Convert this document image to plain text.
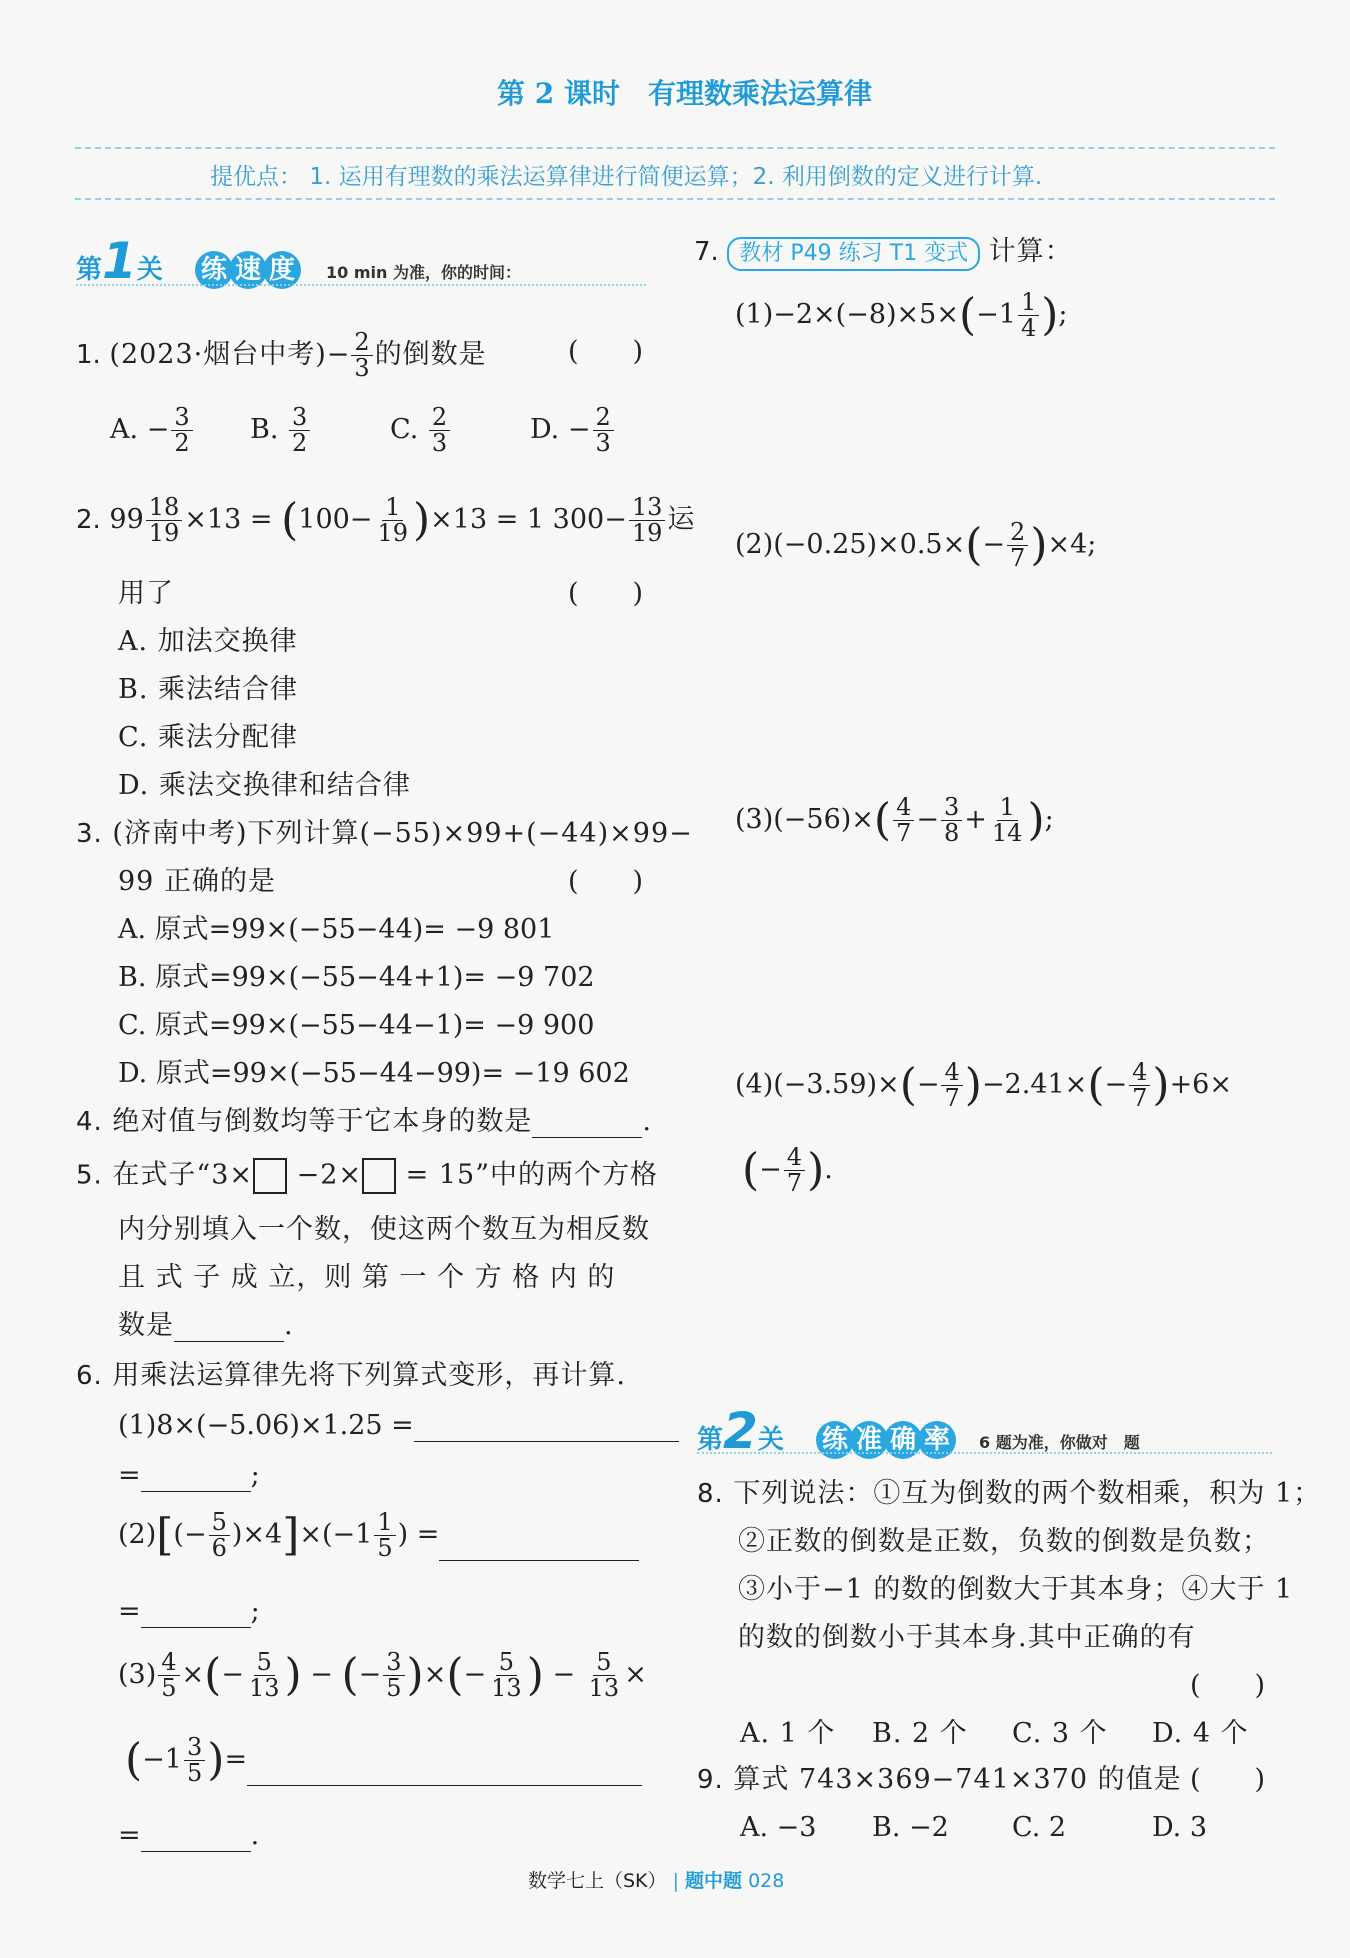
第 2 课时　有理数乘法运算律
提优点： 1. 运用有理数的乘法运算律进行简便运算；2. 利用倒数的定义进行计算.
第1关 练 速 度 10 min 为准，你的时间：
1. (2023·烟台中考)− $\frac{2}{3}$ 的倒数是	(　　)
A. − $\frac{3}{2} B$. $\frac{3}{2}$	C. $\frac{2}{3}$	D. − $\frac{2}{3}$
2. $99 \frac{18}{19} \times 13 = (100- \frac{1}{19} )\times 13 = 1$ $300- \frac{13}{19}$ 运
用了	(　　)
A. 加法交换律
B. 乘法结合律
C. 乘法分配律
D. 乘法交换律和结合律
3. (济南中考)下列计算(−55)×99+(−44)×99−
99 正确的是	(　　)
A. 原式=99×(−55−44)= −9 801
B. 原式=99×(−55−44+1)= −9 702
C. 原式=99×(−55−44−1)= −9 900
D. 原式=99×(−55−44−99)= −19 602
4. 绝对值与倒数均等于它本身的数是	.
5. 在式子“3× −2× = 15”中的两个方格
内分别填入一个数，使这两个数互为相反数
且 式 子 成 立，则 第 一 个 方 格 内 的
数是	.
6. 用乘法运算律先将下列算式变形，再计算.
(1)8×(−5.06)×1.25 =
=	;
$(2)[(- \frac{5}{6} )\times 4]\times(-1 \frac{1}{5}$ ) =
=	;
$(3) \frac{4}{5}$ ×(− $\frac{5}{13}$ ) − (− $\frac{3}{5}$ )×(− $\frac{5}{13}$ ) − $\frac{5}{13}$ ×
($-1 \frac{3}{5}$ )=
=	.
7. 教材 P49 练习 T1 变式 计算：
$(1)-2\times(-8)\times 5\times(-1 \frac{1}{4}$ );
$(2)(-0.25)\times 0.5\times(- \frac{2}{7} )\times 4$;
$(3)(-56)\times( \frac{4}{7} - \frac{3}{8} + \frac{1}{14}$ );
$(4)(-3.59)\times(- \frac{4}{7} )-2.41\times(- \frac{4}{7} )+6\times$
(− $\frac{4}{7}$ ).
第2关 练 准 确 率 6 题为准，你做对　题
8. 下列说法：①互为倒数的两个数相乘，积为 1；
②正数的倒数是正数，负数的倒数是负数；
③小于−1 的数的倒数大于其本身；④大于 1
的数的倒数小于其本身.其中正确的有
(　　)
A. 1 个 B. 2 个 C. 3 个 D. 4 个
9. 算式 743×369−741×370 的值是 (　　)
A. −3 B. −2 C. 2	D. 3
数学七上（SK） | 题中题 028
